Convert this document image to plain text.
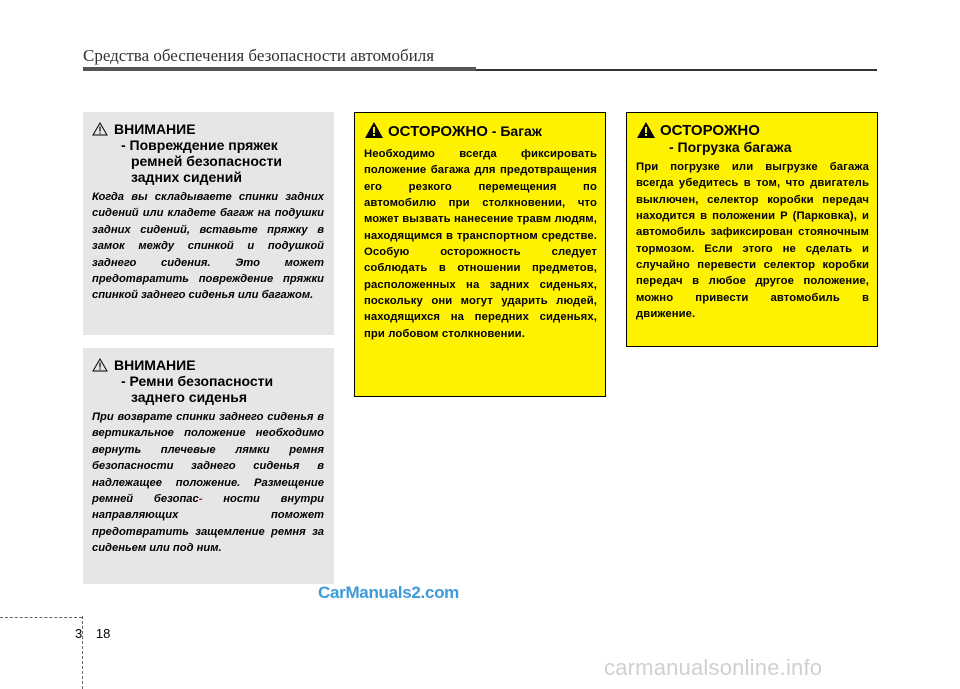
Средства обеспечения безопасности автомобиля
ВНИМАНИЕ
- Повреждение пряжек ремней безопасности задних сидений
Когда вы складываете спинки задних сидений или кладете багаж на подушки задних сидений, вставьте пряжку в замок между спинкой и подушкой заднего сидения. Это может предотвратить повреждение пряжки спинкой заднего сиденья или багажом.
ВНИМАНИЕ
- Ремни безопасности заднего сиденья
При возврате спинки заднего сиденья в вертикальное положение необходимо вернуть плечевые лямки ремня безопасности заднего сиденья в надлежащее положение. Размещение ремней безопас- ности внутри направляющих поможет предотвратить защемление ремня за сиденьем или под ним.
ОСТОРОЖНО - Багаж
Необходимо всегда фиксировать положение багажа для предотвращения его резкого перемещения по автомобилю при столкновении, что может вызвать нанесение травм людям, находящимся в транспортном средстве. Особую осторожность следует соблюдать в отношении предметов, расположенных на задних сиденьях, поскольку они могут ударить людей, находящихся на передних сиденьях, при лобовом столкновении.
ОСТОРОЖНО
- Погрузка багажа
При погрузке или выгрузке багажа всегда убедитесь в том, что двигатель выключен, селектор коробки передач находится в положении P (Парковка), и автомобиль зафиксирован стояночным тормозом. Если этого не сделать и случайно перевести селектор коробки передач в любое другое положение, можно привести автомобиль в движение.
CarManuals2.com
3 18
carmanualsonline.info
